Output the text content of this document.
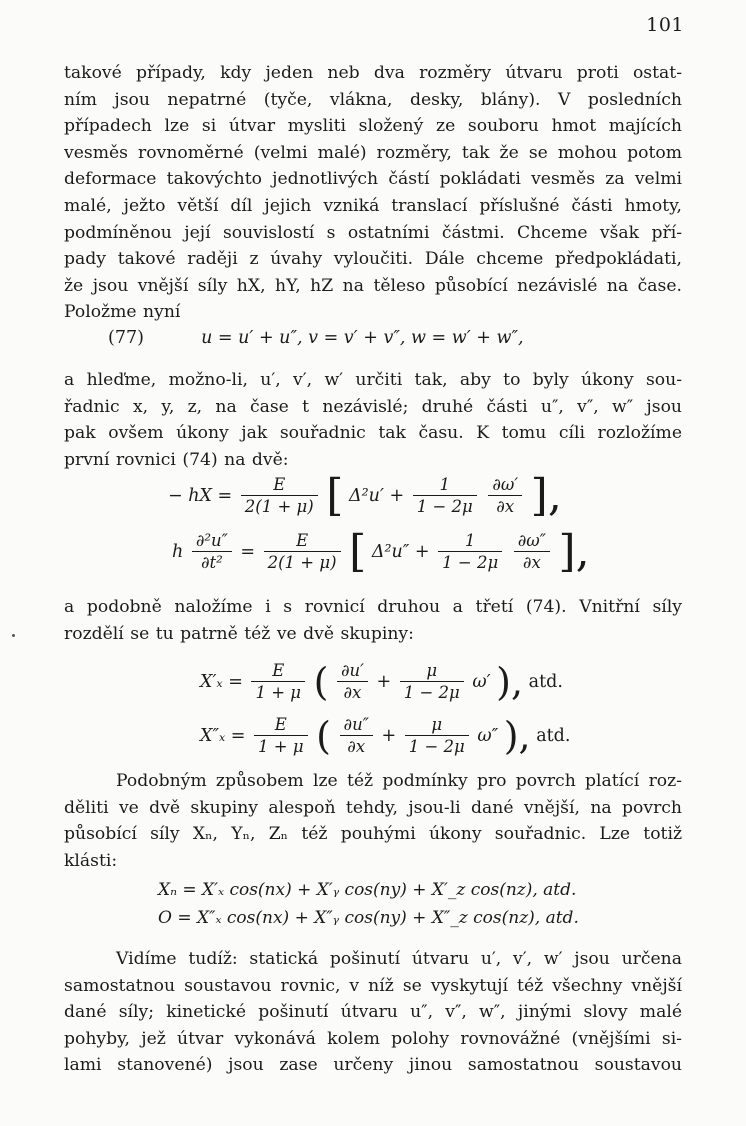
101
takové případy, kdy jeden neb dva rozměry útvaru proti ostat-
ním jsou nepatrné (tyče, vlákna, desky, blány). V posledních
případech lze si útvar mysliti složený ze souboru hmot majících
vesměs rovnoměrné (velmi malé) rozměry, tak že se mohou potom
deformace takovýchto jednotlivých částí pokládati vesměs za velmi
malé, ježto větší díl jejich vzniká translací příslušné části hmoty,
podmíněnou její souvislostí s ostatními částmi. Chceme však pří-
pady takové raději z úvahy vyloučiti. Dále chceme předpokládati,
že jsou vnější síly hX, hY, hZ na těleso působící nezávislé na čase.
Položme nyní
(77)	u = u′ + u″, v = v′ + v″, w = w′ + w″,
a hleďme, možno-li, u′, v′, w′ určiti tak, aby to byly úkony sou-
řadnic x, y, z, na čase t nezávislé; druhé části u″, v″, w″ jsou
pak ovšem úkony jak souřadnic tak času. K tomu cíli rozložíme
první rovnici (74) na dvě:
− hX = $\frac{E}{2(1 + \mu)}$ [ $\Delta^2u' + \frac{1}{1 - 2\mu}$
$\frac{\partial\omega'}{\partial x}$ ],
h $\frac{\text{∂²u″}}{\text{∂t²}} = \frac{E}{2(1 + \mu)}$ [ $\Delta^2u'' + \frac{1}{1 - 2\mu}$
$\frac{\partial\omega''}{\partial x}$ ],
a podobně naložíme i s rovnicí druhou a třetí (74). Vnitřní síly
rozdělí se tu patrně též ve dvě skupiny:
$X'_x = \frac{E}{1 + \mu}$ ( $\frac{\partial u'}{\partial x} + \frac{\mu}{1 - 2\mu} \omega'$ ), atd.
$X''_x = \frac{E}{1 + \mu}$ ( $\frac{\partial u''}{\partial x} + \frac{\mu}{1 - 2\mu} \omega''$ ), atd.
Podobným způsobem lze též podmínky pro povrch platící roz-
děliti ve dvě skupiny alespoň tehdy, jsou-li dané vnější, na povrch
působící síly Xₙ, Yₙ, Zₙ též pouhými úkony souřadnic. Lze totiž
klásti:
Xₙ = X′ₓ cos(nx) + X′ᵧ cos(ny) + X′_z cos(nz), atd.
O = X″ₓ cos(nx) + X″ᵧ cos(ny) + X″_z cos(nz), atd.
Vidíme tudíž: statická pošinutí útvaru u′, v′, w′ jsou určena
samostatnou soustavou rovnic, v níž se vyskytují též všechny vnější
dané síly; kinetické pošinutí útvaru u″, v″, w″, jinými slovy malé
pohyby, jež útvar vykonává kolem polohy rovnovážné (vnějšími si-
lami stanovené) jsou zase určeny jinou samostatnou soustavou
